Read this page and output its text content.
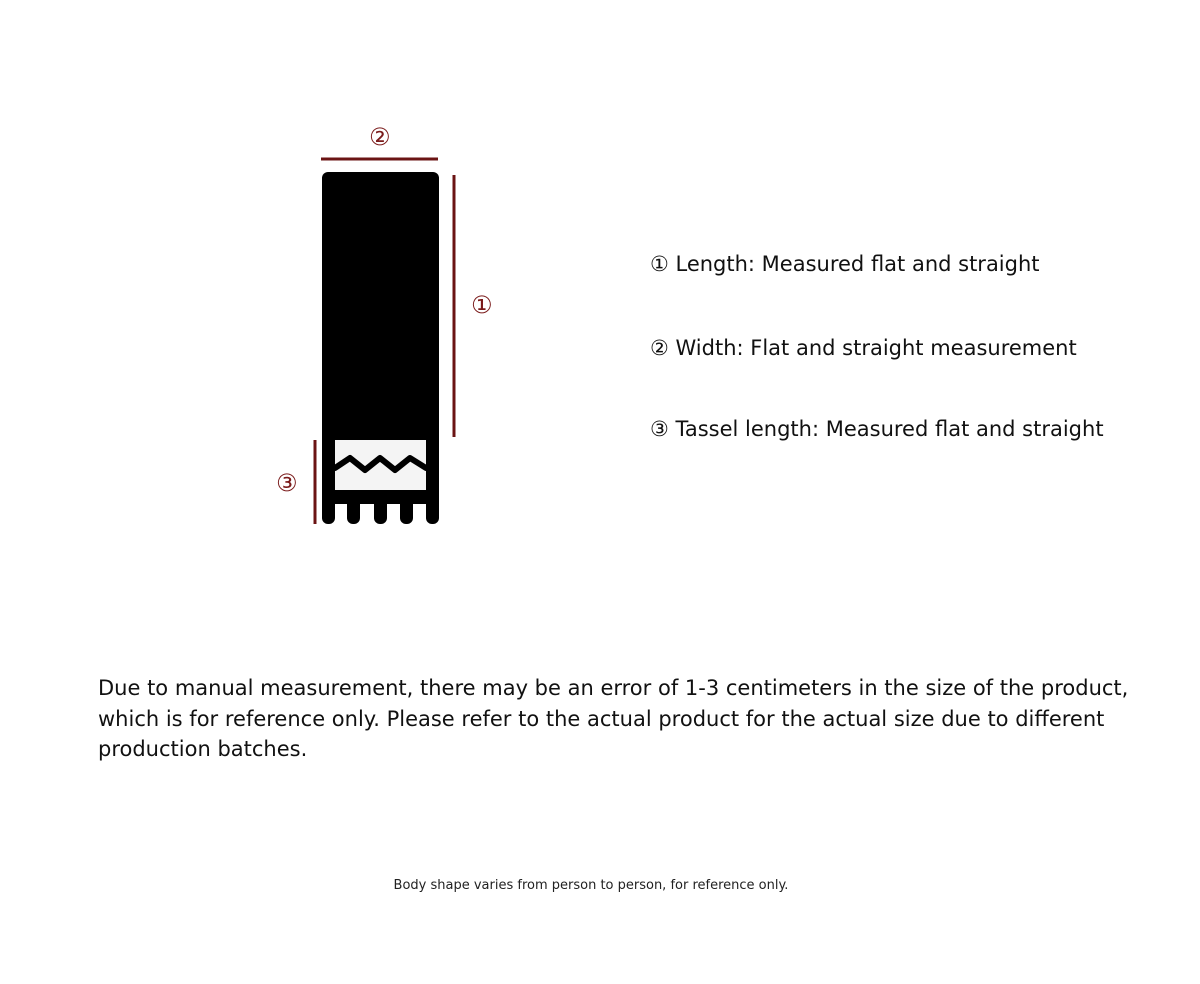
②
①
③
① Length: Measured flat and straight
② Width: Flat and straight measurement
③ Tassel length: Measured flat and straight
Due to manual measurement, there may be an error of 1-3 centimeters in the size of the product, which is for reference only. Please refer to the actual product for the actual size due to different production batches.
Body shape varies from person to person, for reference only.
